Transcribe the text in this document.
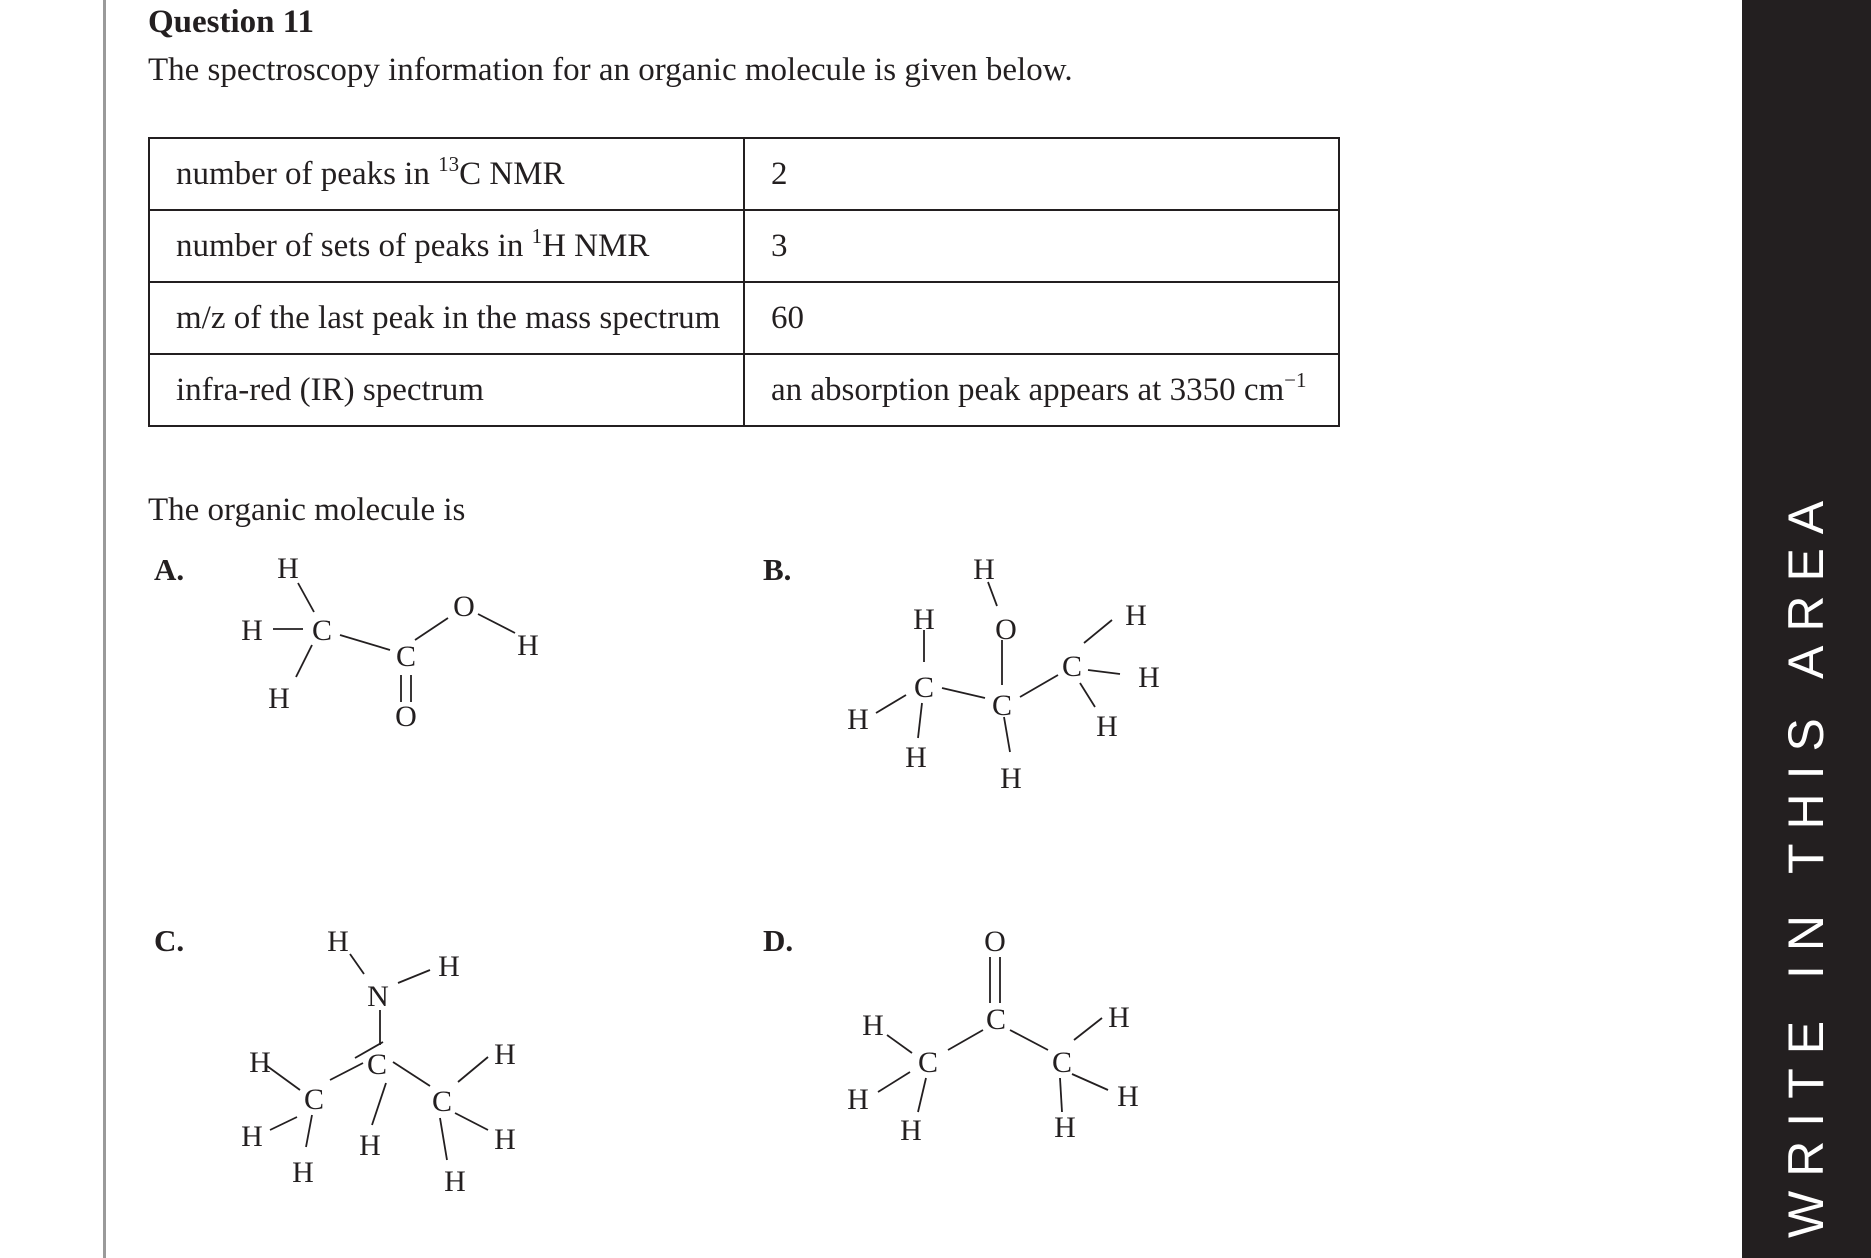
Question 11
The spectroscopy information for an organic molecule is given below.
number of peaks in $^{13}$C NMR	2
number of sets of peaks in $^1$H NMR	3
m/z of the last peak in the mass spectrum	60
infra-red (IR) spectrum	an absorption peak appears at 3350 $cm^{-1}$
The organic molecule is
A.	B.
C.	D.
H
H C
H
C
O
H
O
H
C
H
H
H
O
C
H
C
H
H
H
H
N
H
C
H
H
C
H
H
C
H
H
H
O
C
H
C
H
H
C
H
H
H	WRITE IN THIS AREA
